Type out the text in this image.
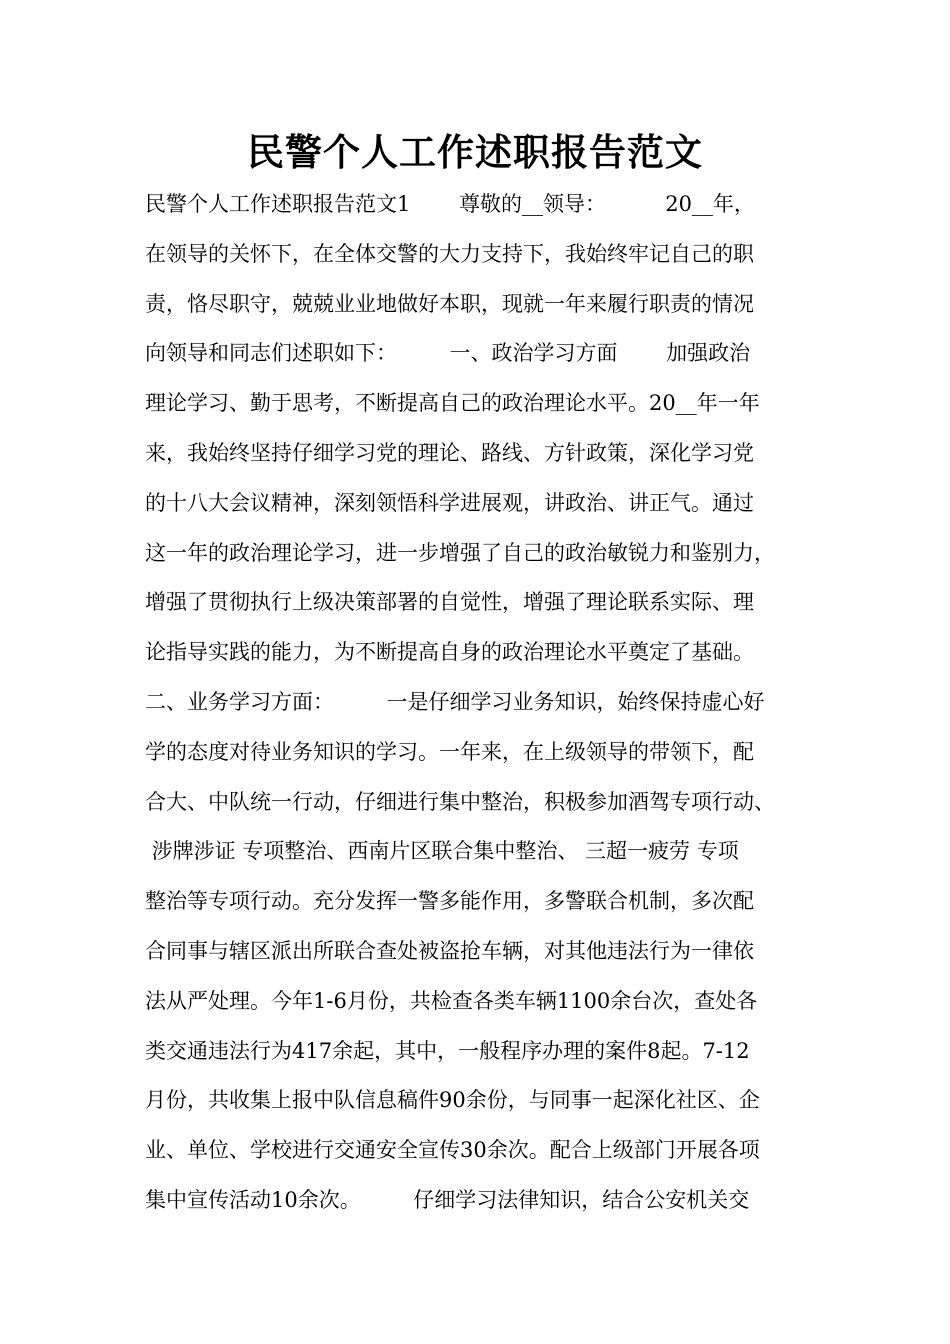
民警个人工作述职报告范文
民警个人工作述职报告范文1　　 尊敬的__领导：　　　 20__年，
在领导的关怀下，在全体交警的大力支持下，我始终牢记自己的职
责，恪尽职守，兢兢业业地做好本职，现就一年来履行职责的情况
向领导和同志们述职如下：　　　一、政治学习方面　　 加强政治
理论学习、勤于思考，不断提高自己的政治理论水平。20__年一年
来，我始终坚持仔细学习党的理论、路线、方针政策，深化学习党
的十八大会议精神，深刻领悟科学进展观，讲政治、讲正气。通过
这一年的政治理论学习，进一步增强了自己的政治敏锐力和鉴别力，
增强了贯彻执行上级决策部署的自觉性，增强了理论联系实际、理
论指导实践的能力，为不断提高自身的政治理论水平奠定了基础。
二、业务学习方面：　　　一是仔细学习业务知识，始终保持虚心好
学的态度对待业务知识的学习。一年来，在上级领导的带领下，配
合大、中队统一行动，仔细进行集中整治，积极参加酒驾专项行动、
涉牌涉证 专项整治、西南片区联合集中整治、 三超一疲劳 专项
整治等专项行动。充分发挥一警多能作用，多警联合机制，多次配
合同事与辖区派出所联合查处被盗抢车辆，对其他违法行为一律依
法从严处理。今年1-6月份，共检查各类车辆1100余台次，查处各
类交通违法行为417余起，其中，一般程序办理的案件8起。7-12
月份，共收集上报中队信息稿件90余份，与同事一起深化社区、企
业、单位、学校进行交通安全宣传30余次。配合上级部门开展各项
集中宣传活动10余次。　　　仔细学习法律知识，结合公安机关交
